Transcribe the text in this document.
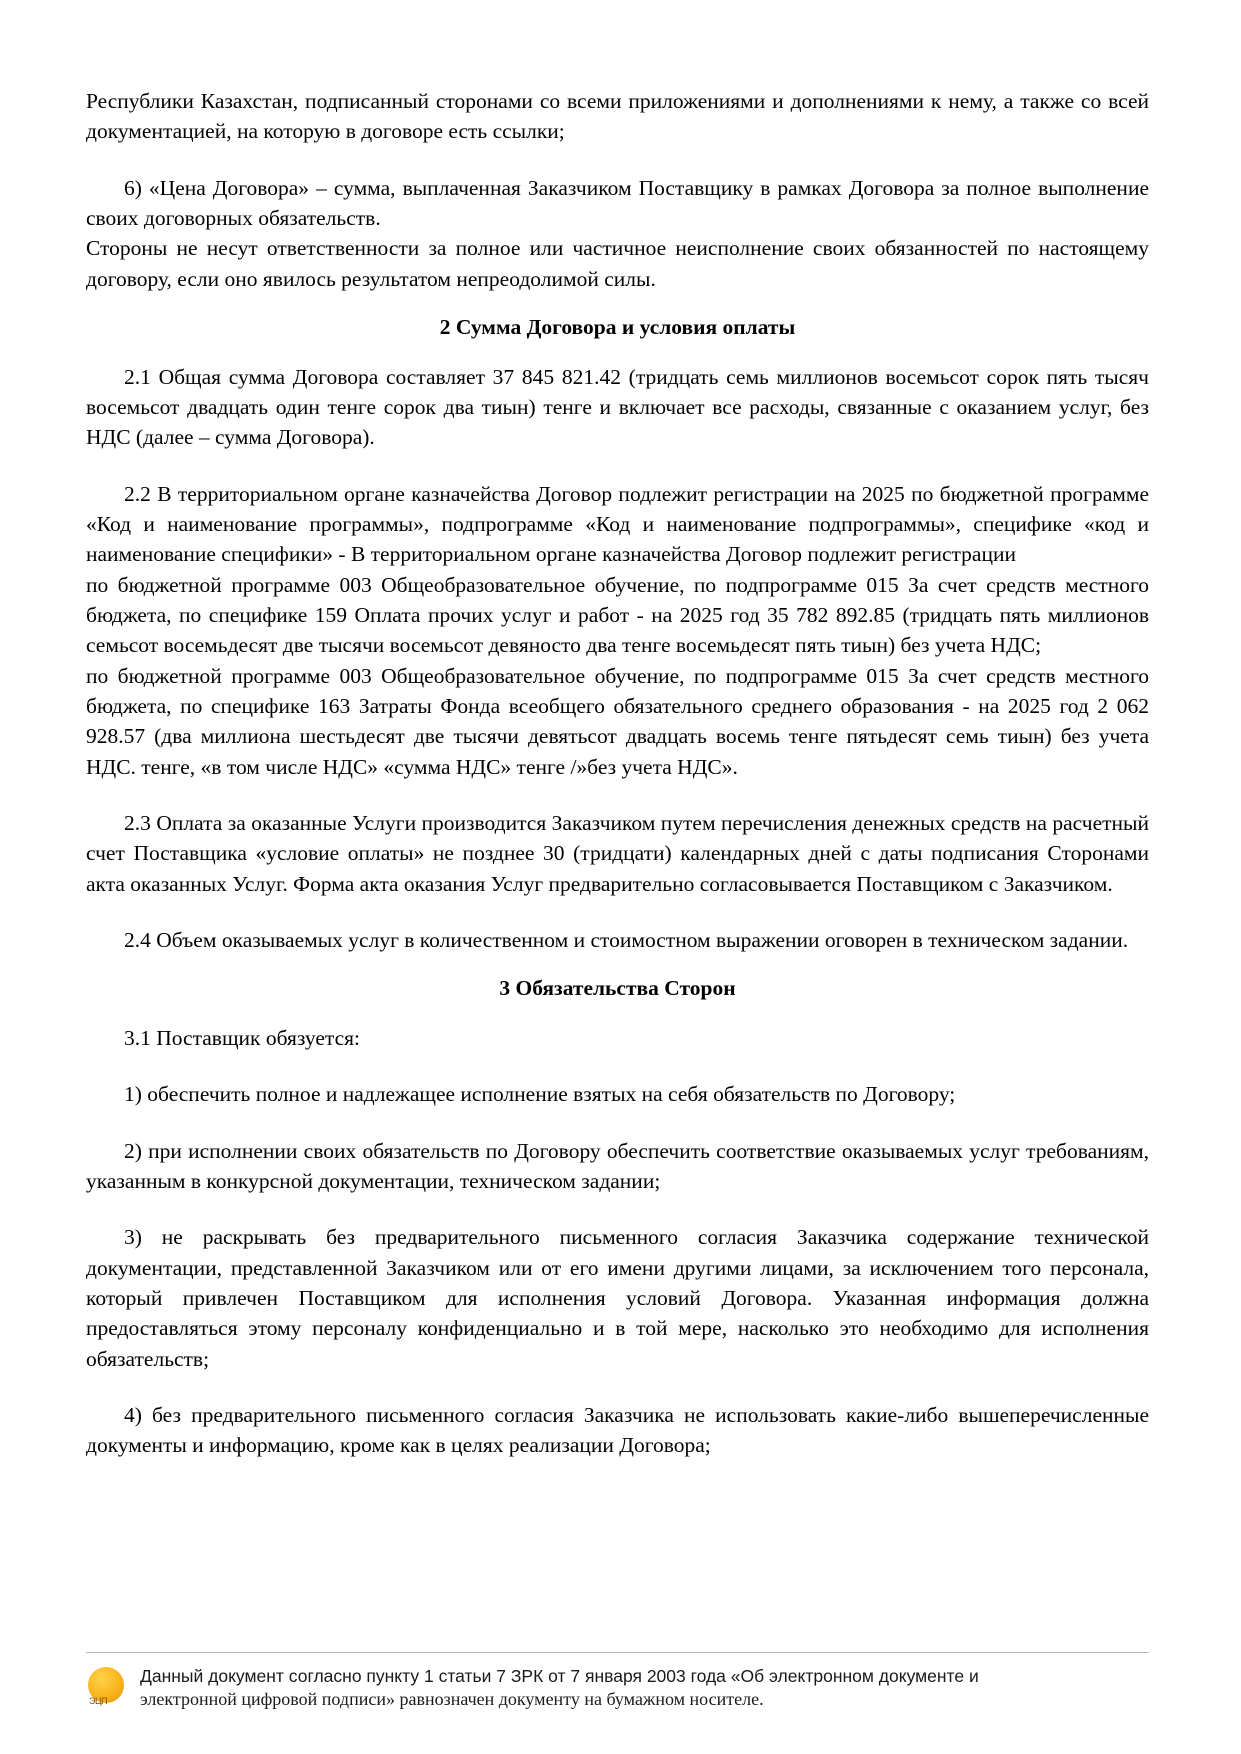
Республики Казахстан, подписанный сторонами со всеми приложениями и дополнениями к нему, а также со всей документацией, на которую в договоре есть ссылки;

6) «Цена Договора» – сумма, выплаченная Заказчиком Поставщику в рамках Договора за полное выполнение своих договорных обязательств.

Стороны не несут ответственности за полное или частичное неисполнение своих обязанностей по настоящему договору, если оно явилось результатом непреодолимой силы.

2 Сумма Договора и условия оплаты

2.1 Общая сумма Договора составляет 37 845 821.42 (тридцать семь миллионов восемьсот сорок пять тысяч восемьсот двадцать один тенге сорок два тиын) тенге и включает все расходы, связанные с оказанием услуг, без НДС (далее – сумма Договора).

2.2 В территориальном органе казначейства Договор подлежит регистрации на 2025 по бюджетной программе «Код и наименование программы», подпрограмме «Код и наименование подпрограммы», специфике «код и наименование специфики» - В территориальном органе казначейства Договор подлежит регистрации

по бюджетной программе 003 Общеобразовательное обучение, по подпрограмме 015 За счет средств местного бюджета, по специфике 159 Оплата прочих услуг и работ - на 2025 год 35 782 892.85 (тридцать пять миллионов семьсот восемьдесят две тысячи восемьсот девяносто два тенге восемьдесят пять тиын) без учета НДС;

по бюджетной программе 003 Общеобразовательное обучение, по подпрограмме 015 За счет средств местного бюджета, по специфике 163 Затраты Фонда всеобщего обязательного среднего образования - на 2025 год 2 062 928.57 (два миллиона шестьдесят две тысячи девятьсот двадцать восемь тенге пятьдесят семь тиын) без учета НДС. тенге, «в том числе НДС» «сумма НДС» тенге /»без учета НДС».

2.3 Оплата за оказанные Услуги производится Заказчиком путем перечисления денежных средств на расчетный счет Поставщика «условие оплаты» не позднее 30 (тридцати) календарных дней с даты подписания Сторонами акта оказанных Услуг. Форма акта оказания Услуг предварительно согласовывается Поставщиком с Заказчиком.

2.4 Объем оказываемых услуг в количественном и стоимостном выражении оговорен в техническом задании.

3 Обязательства Сторон

3.1 Поставщик обязуется:

1) обеспечить полное и надлежащее исполнение взятых на себя обязательств по Договору;

2) при исполнении своих обязательств по Договору обеспечить соответствие оказываемых услуг требованиям, указанным в конкурсной документации, техническом задании;

3) не раскрывать без предварительного письменного согласия Заказчика содержание технической документации, представленной Заказчиком или от его имени другими лицами, за исключением того персонала, который привлечен Поставщиком для исполнения условий Договора. Указанная информация должна предоставляться этому персоналу конфиденциально и в той мере, насколько это необходимо для исполнения обязательств;

4) без предварительного письменного согласия Заказчика не использовать какие-либо вышеперечисленные документы и информацию, кроме как в целях реализации Договора;

ЭЦП
Данный документ согласно пункту 1 статьи 7 ЗРК от 7 января 2003 года «Об электронном документе и
электронной цифровой подписи» равнозначен документу на бумажном носителе.
